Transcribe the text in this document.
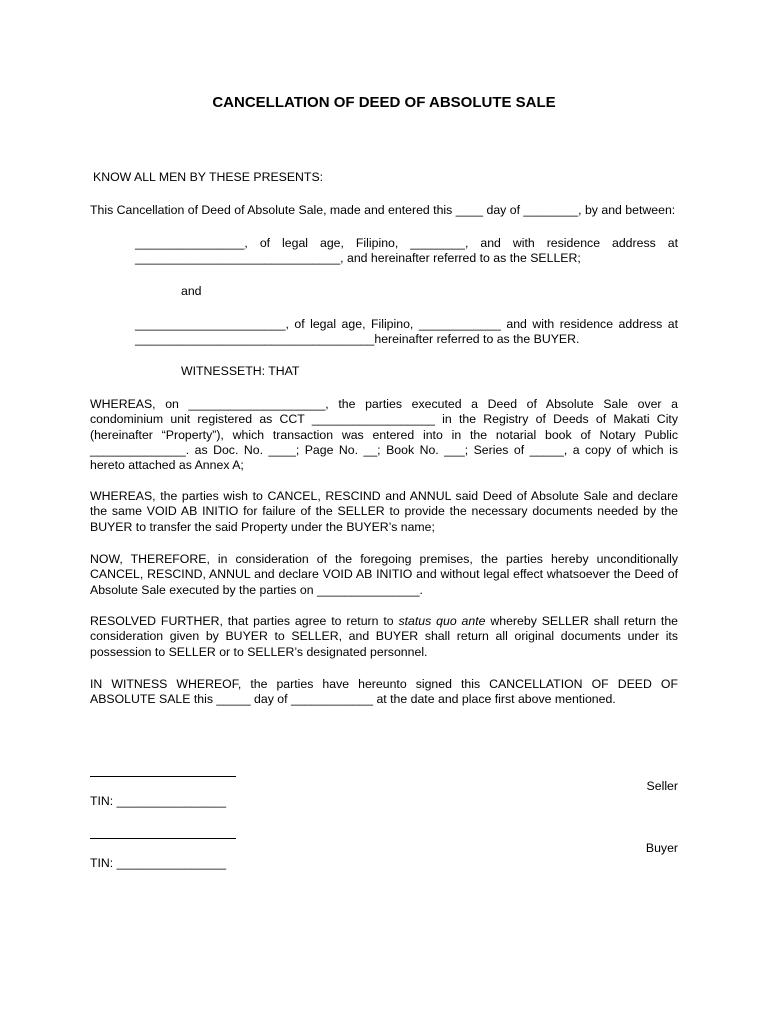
CANCELLATION OF DEED OF ABSOLUTE SALE
KNOW ALL MEN BY THESE PRESENTS:
This Cancellation of Deed of Absolute Sale, made and entered this ____ day of ________, by and between:

________________, of legal age, Filipino, ________, and with residence address at

______________________________, and hereinafter referred to as the SELLER;

and

______________________, of legal age, Filipino, ____________ and with residence address at

___________________________________hereinafter referred to as the BUYER.

WITNESSETH: THAT

WHEREAS, on ____________________, the parties executed a Deed of Absolute Sale over a condominium unit registered as CCT __________________ in the Registry of Deeds of Makati City (hereinafter “Property”), which transaction was entered into in the notarial book of Notary Public ______________. as Doc. No. ____; Page No. __; Book No. ___; Series of _____, a copy of which is hereto attached as Annex A;

WHEREAS, the parties wish to CANCEL, RESCIND and ANNUL said Deed of Absolute Sale and declare the same VOID AB INITIO for failure of the SELLER to provide the necessary documents needed by the BUYER to transfer the said Property under the BUYER’s name;

NOW, THEREFORE, in consideration of the foregoing premises, the parties hereby unconditionally CANCEL, RESCIND, ANNUL and declare VOID AB INITIO and without legal effect whatsoever the Deed of Absolute Sale executed by the parties on _______________.

RESOLVED FURTHER, that parties agree to return to status quo ante whereby SELLER shall return the consideration given by BUYER to SELLER, and BUYER shall return all original documents under its possession to SELLER or to SELLER’s designated personnel.

IN WITNESS WHEREOF, the parties have hereunto signed this CANCELLATION OF DEED OF ABSOLUTE SALE this _____ day of ____________ at the date and place first above mentioned.

Seller
TIN: ________________
Buyer
TIN: ________________
